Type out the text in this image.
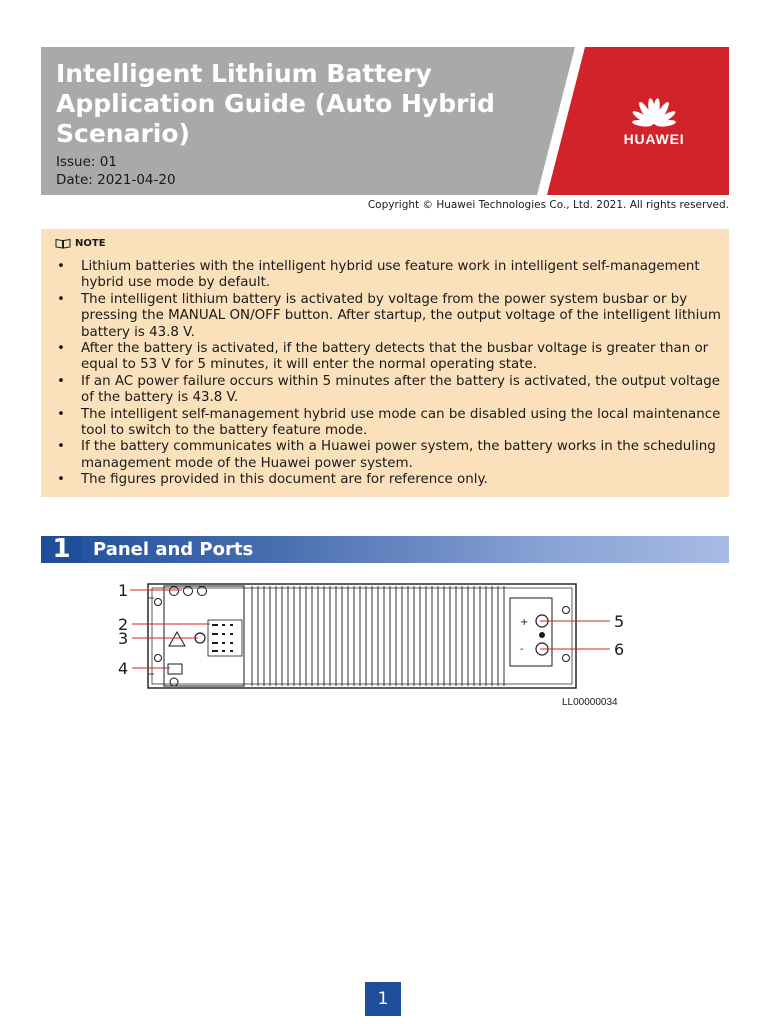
Intelligent Lithium Battery Application Guide (Auto Hybrid Scenario)
Issue: 01
Date: 2021-04-20
HUAWEI
Copyright © Huawei Technologies Co., Ltd. 2021. All rights reserved.
NOTE
• Lithium batteries with the intelligent hybrid use feature work in intelligent self-management hybrid use mode by default.
• The intelligent lithium battery is activated by voltage from the power system busbar or by pressing the MANUAL ON/OFF button. After startup, the output voltage of the intelligent lithium battery is 43.8 V.
• After the battery is activated, if the battery detects that the busbar voltage is greater than or equal to 53 V for 5 minutes, it will enter the normal operating state.
• If an AC power failure occurs within 5 minutes after the battery is activated, the output voltage of the battery is 43.8 V.
• The intelligent self-management hybrid use mode can be disabled using the local maintenance tool to switch to the battery feature mode.
• If the battery communicates with a Huawei power system, the battery works in the scheduling management mode of the Huawei power system.
• The figures provided in this document are for reference only.
1	Panel and Ports
+
-
1
2
3
4
5
6
LL00000034
1
